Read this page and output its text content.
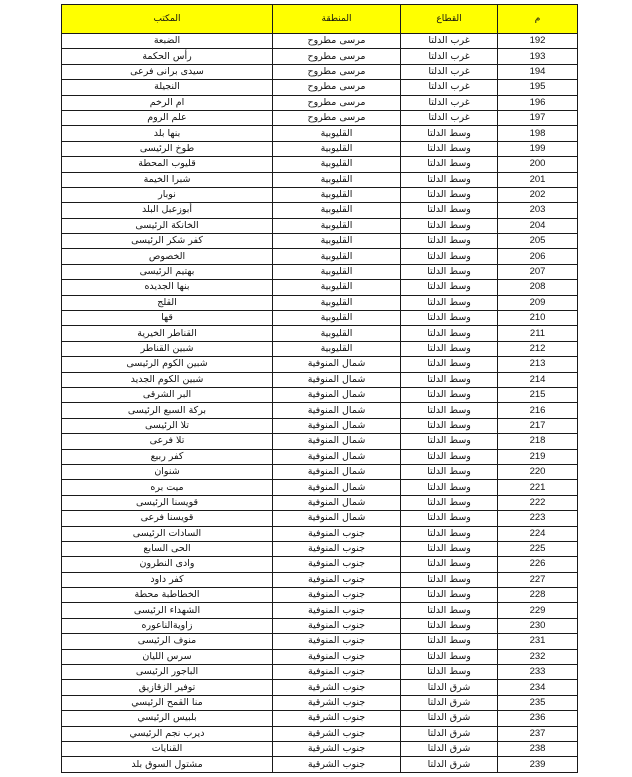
م	القطاع	المنطقة	المكتب
192	غرب الدلتا	مرسى مطروح	الضبعة
193	غرب الدلتا	مرسى مطروح	رأس الحكمة
194	غرب الدلتا	مرسى مطروح	سيدى برانى فرعى
195	غرب الدلتا	مرسى مطروح	النجيلة
196	غرب الدلتا	مرسى مطروح	ام الرخم
197	غرب الدلتا	مرسى مطروح	علم الروم
198	وسط الدلتا	القليوبية	بنها بلد
199	وسط الدلتا	القليوبية	طوخ الرئيسى
200	وسط الدلتا	القليوبية	قليوب المحطة
201	وسط الدلتا	القليوبية	شبرا الخيمة
202	وسط الدلتا	القليوبية	نوبار
203	وسط الدلتا	القليوبية	أبوزعبل البلد
204	وسط الدلتا	القليوبية	الخانكة الرئيسى
205	وسط الدلتا	القليوبية	كفر شكر الرئيسى
206	وسط الدلتا	القليوبية	الخصوص
207	وسط الدلتا	القليوبية	بهتيم الرئيسى
208	وسط الدلتا	القليوبية	بنها الجديده
209	وسط الدلتا	القليوبية	القلج
210	وسط الدلتا	القليوبية	قها
211	وسط الدلتا	القليوبية	القناطر الخيرية
212	وسط الدلتا	القليوبية	شبين القناطر
213	وسط الدلتا	شمال المنوفية	شبين الكوم الرئيسى
214	وسط الدلتا	شمال المنوفية	شبين الكوم الجديد
215	وسط الدلتا	شمال المنوفية	البر الشرقى
216	وسط الدلتا	شمال المنوفية	بركة السبع الرئيسى
217	وسط الدلتا	شمال المنوفية	تلا الرئيسى
218	وسط الدلتا	شمال المنوفية	تلا فرعى
219	وسط الدلتا	شمال المنوفية	كفر ربيع
220	وسط الدلتا	شمال المنوفية	شنوان
221	وسط الدلتا	شمال المنوفية	ميت بره
222	وسط الدلتا	شمال المنوفية	قويسنا الرئيسى
223	وسط الدلتا	شمال المنوفية	قويسنا فرعى
224	وسط الدلتا	جنوب المنوفية	السادات الرئيسى
225	وسط الدلتا	جنوب المنوفية	الحى السابع
226	وسط الدلتا	جنوب المنوفية	وادى النطرون
227	وسط الدلتا	جنوب المنوفية	كفر داود
228	وسط الدلتا	جنوب المنوفية	الخطاطبة محطة
229	وسط الدلتا	جنوب المنوفية	الشهداء الرئيسى
230	وسط الدلتا	جنوب المنوفية	زاويةالناعوره
231	وسط الدلتا	جنوب المنوفية	منوف الرئيسى
232	وسط الدلتا	جنوب المنوفية	سرس الليان
233	وسط الدلتا	جنوب المنوفية	الباجور الرئيسى
234	شرق الدلتا	جنوب الشرقية	توفير الزقازيق
235	شرق الدلتا	جنوب الشرقية	منا القمح الرئيسي
236	شرق الدلتا	جنوب الشرقية	بلبيس الرئيسي
237	شرق الدلتا	جنوب الشرقية	ديرب نجم الرئيسي
238	شرق الدلتا	جنوب الشرقية	القنايات
239	شرق الدلتا	جنوب الشرقية	مشتول السوق بلد
